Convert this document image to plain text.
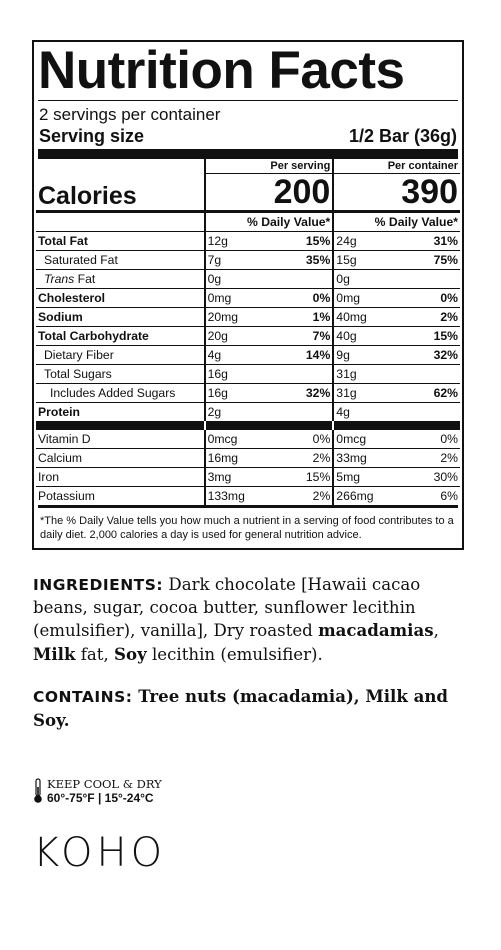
Nutrition Facts
2 servings per container
Serving size	1/2 Bar (36g)
Calories	Per serving		Per container	
	200		390	
	% Daily Value*		% Daily Value*	
Total Fat	12g	15%	24g	31%
Saturated Fat	7g	35%	15g	75%
Trans Fat	0g		0g	
Cholesterol	0mg	0%	0mg	0%
Sodium	20mg	1%	40mg	2%
Total Carbohydrate	20g	7%	40g	15%
Dietary Fiber	4g	14%	9g	32%
Total Sugars	16g		31g	
Includes Added Sugars	16g	32%	31g	62%
Protein	2g		4g	

Vitamin D	0mcg	0%	0mcg	0%
Calcium	16mg	2%	33mg	2%
Iron	3mg	15%	5mg	30%
Potassium	133mg	2%	266mg	6%
*The % Daily Value tells you how much a nutrient in a serving of food contributes to a daily diet. 2,000 calories a day is used for general nutrition advice.
INGREDIENTS: Dark chocolate [Hawaii cacao beans, sugar, cocoa butter, sunflower lecithin (emulsifier), vanilla], Dry roasted macadamias, Milk fat, Soy lecithin (emulsifier).
CONTAINS: Tree nuts (macadamia), Milk and Soy.
KEEP COOL & DRY
60°-75°F | 15°-24°C
KOHO
